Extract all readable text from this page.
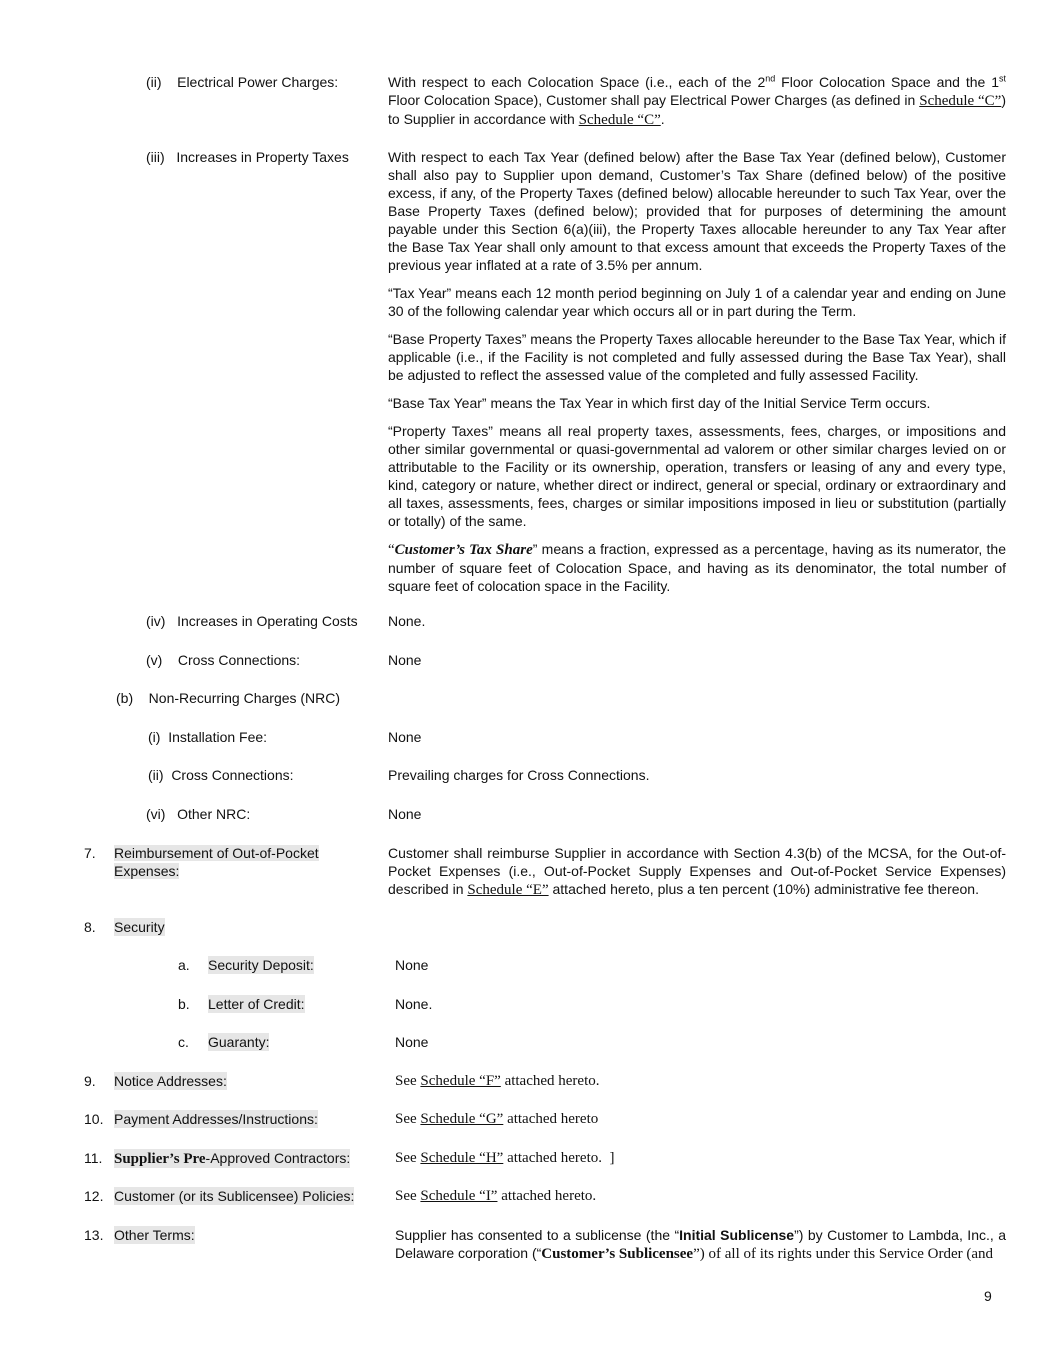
(ii)    Electrical Power Charges:	With respect to each Colocation Space (i.e., each of the 2nd Floor Colocation Space and the 1st Floor Colocation Space), Customer shall pay Electrical Power Charges (as defined in Schedule “C”) to Supplier in accordance with Schedule “C”.
(iii)   Increases in Property Taxes	With respect to each Tax Year (defined below) after the Base Tax Year (defined below), Customer shall also pay to Supplier upon demand, Customer’s Tax Share (defined below) of the positive excess, if any, of the Property Taxes (defined below) allocable hereunder to such Tax Year, over the Base Property Taxes (defined below); provided that for purposes of determining the amount payable under this Section 6(a)(iii), the Property Taxes allocable hereunder to any Tax Year after the Base Tax Year shall only amount to that excess amount that exceeds the Property Taxes of the previous year inflated at a rate of 3.5% per annum.

“Tax Year” means each 12 month period beginning on July 1 of a calendar year and ending on June 30 of the following calendar year which occurs all or in part during the Term.

“Base Property Taxes” means the Property Taxes allocable hereunder to the Base Tax Year, which if applicable (i.e., if the Facility is not completed and fully assessed during the Base Tax Year), shall be adjusted to reflect the assessed value of the completed and fully assessed Facility.

“Base Tax Year” means the Tax Year in which first day of the Initial Service Term occurs.

“Property Taxes” means all real property taxes, assessments, fees, charges, or impositions and other similar governmental or quasi-governmental ad valorem or other similar charges levied on or attributable to the Facility or its ownership, operation, transfers or leasing of any and every type, kind, category or nature, whether direct or indirect, general or special, ordinary or extraordinary and all taxes, assessments, fees, charges or similar impositions imposed in lieu or substitution (partially or totally) of the same.

“Customer’s Tax Share” means a fraction, expressed as a percentage, having as its numerator, the number of square feet of Colocation Space, and having as its denominator, the total number of square feet of colocation space in the Facility.

(iv)   Increases in Operating Costs None.
(v)    Cross Connections:	None
(b)    Non-Recurring Charges (NRC)
(i)  Installation Fee:	None
(ii)  Cross Connections:	Prevailing charges for Cross Connections.
(vi)   Other NRC:	None
7. Reimbursement of Out-of-Pocket Expenses:
Customer shall reimburse Supplier in accordance with Section 4.3(b) of the MCSA, for the Out-of-Pocket Expenses (i.e., Out-of-Pocket Supply Expenses and Out-of-Pocket Service Expenses) described in Schedule “E” attached hereto, plus a ten percent (10%) administrative fee thereon.
8. Security
a. Security Deposit:	None
b. Letter of Credit:	None.
c. Guaranty:	None
9. Notice Addresses:	See Schedule “F” attached hereto.
10. Payment Addresses/Instructions:	See Schedule “G” attached hereto
11. Supplier’s Pre-Approved Contractors:	See Schedule “H” attached hereto.  ]
12. Customer (or its Sublicensee) Policies:	See Schedule “I” attached hereto.
13. Other Terms:	Supplier has consented to a sublicense (the “Initial Sublicense”) by Customer to Lambda, Inc., a Delaware corporation (“Customer’s Sublicensee”) of all of its rights under this Service Order (and
9
